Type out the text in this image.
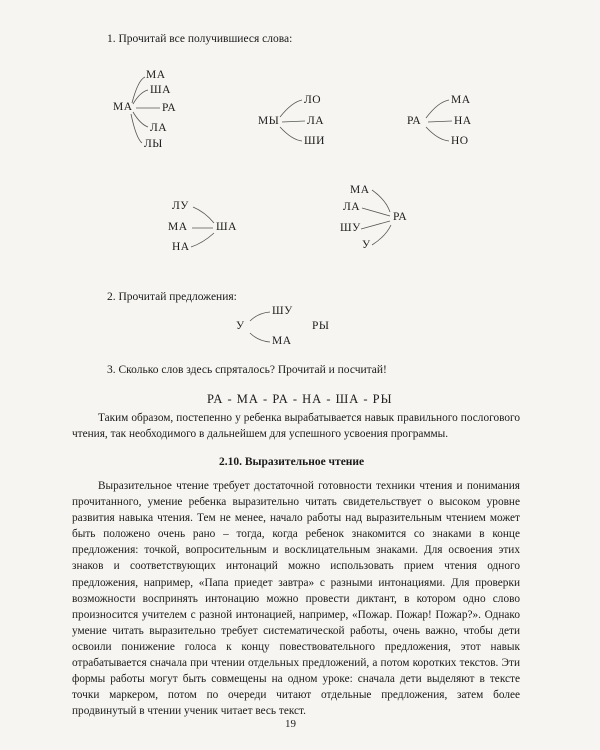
1. Прочитай все получившиеся слова:
МА
МА
ША
РА
ЛА
ЛЫ
МЫ
ЛО
ЛА
ШИ
РА
МА
НА
НО
ША
ЛУ
МА
НА
РА
МА
ЛА
ШУ
У
2. Прочитай предложения:
У
ШУ
РЫ
МА
3. Сколько слов здесь спряталось? Прочитай и посчитай!
РА - МА - РА - НА - ША - РЫ
Таким образом, постепенно у ребенка вырабатывается навык правильного послогового чтения, так необходимого в дальнейшем для успешного усвоения программы.
2.10. Выразительное чтение
Выразительное чтение требует достаточной готовности техники чтения и понимания прочитанного, умение ребенка выразительно читать свидетельствует о высоком уровне развития навыка чтения. Тем не менее, начало работы над выразительным чтением может быть положено очень рано – тогда, когда ребенок знакомится со знаками в конце предложения: точкой, вопросительным и восклицательным знаками. Для освоения этих знаков и соответствующих интонаций можно использовать прием чтения одного предложения, например, «Папа приедет завтра» с разными интонациями. Для проверки возможности воспринять интонацию можно провести диктант, в котором одно слово произносится учителем с разной интонацией, например, «Пожар. Пожар! Пожар?». Однако умение читать выразительно требует систематической работы, очень важно, чтобы дети освоили понижение голоса к концу повествовательного предложения, этот навык отрабатывается сначала при чтении отдельных предложений, а потом коротких текстов. Эти формы работы могут быть совмещены на одном уроке: сначала дети выделяют в тексте точки маркером, потом по очереди читают отдельные предложения, затем более продвинутый в чтении ученик читает весь текст.
19
